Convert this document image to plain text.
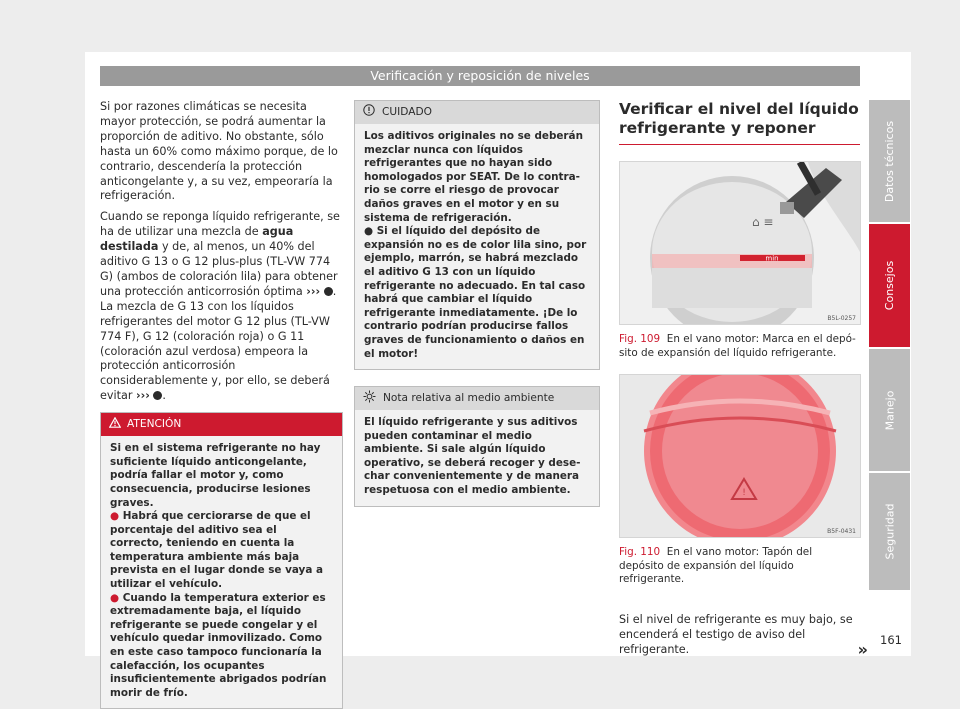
Verificación y reposición de niveles

Si por razones climáticas se necesita mayor protección, se podrá aumentar la proporción de aditivo. No obstante, sólo hasta un 60% como máximo porque, de lo contrario, descendería la protección anticongelante y, a su vez, empeoraría la refrigeración.

Cuando se reponga líquido refrigerante, se ha de utilizar una mezcla de agua destilada y de, al menos, un 40% del aditivo G 13 o G 12 plus-plus (TL-VW 774 G) (ambos de coloración lila) para obtener una protección anticorrosión óptima ››› . La mezcla de G 13 con los líquidos refrigerantes del motor G 12 plus (TL-VW 774 F), G 12 (coloración roja) o G 11 (coloración azul verdosa) empeora la protección anticorrosión considerablemente y, por ello, se deberá evitar ››› .

ATENCIÓN

Si en el sistema refrigerante no hay suficiente líquido anticongelante, podría fallar el motor y, como consecuencia, producirse lesiones graves.

● Habrá que cerciorarse de que el porcentaje del aditivo sea el correcto, teniendo en cuenta la temperatura ambiente más baja prevista en el lugar donde se vaya a utilizar el vehículo.

● Cuando la temperatura exterior es extremadamente baja, el líquido refrigerante se puede congelar y el vehículo quedar inmovilizado. Como en este caso tampoco funcionaría la calefacción, los ocupantes insuficientemente abrigados podrían morir de frío.

CUIDADO

Los aditivos originales no se deberán mezclar nunca con líquidos refrigerantes que no hayan sido homologados por SEAT. De lo contrario se corre el riesgo de provocar daños graves en el motor y en su sistema de refrigeración.

● Si el líquido del depósito de expansión no es de color lila sino, por ejemplo, marrón, se habrá mezclado el aditivo G 13 con un líquido refrigerante no adecuado. En tal caso habrá que cambiar el líquido refrigerante inmediatamente. ¡De lo contrario podrían producirse fallos graves de funcionamiento o daños en el motor!

Nota relativa al medio ambiente

El líquido refrigerante y sus aditivos pueden contaminar el medio ambiente. Si sale algún líquido operativo, se deberá recoger y desechar convenientemente y de manera respetuosa con el medio ambiente.

Verificar el nivel del líquido refrigerante y reponer
min
⌂ ≡
B5L-0257

Fig. 109 En el vano motor: Marca en el depósito de expansión del líquido refrigerante.

!
B5F-0431

Fig. 110 En el vano motor: Tapón del depósito de expansión del líquido refrigerante.

Si el nivel de refrigerante es muy bajo, se encenderá el testigo de aviso del refrigerante.	»

Datos técnicos
Consejos
Manejo
Seguridad
161
